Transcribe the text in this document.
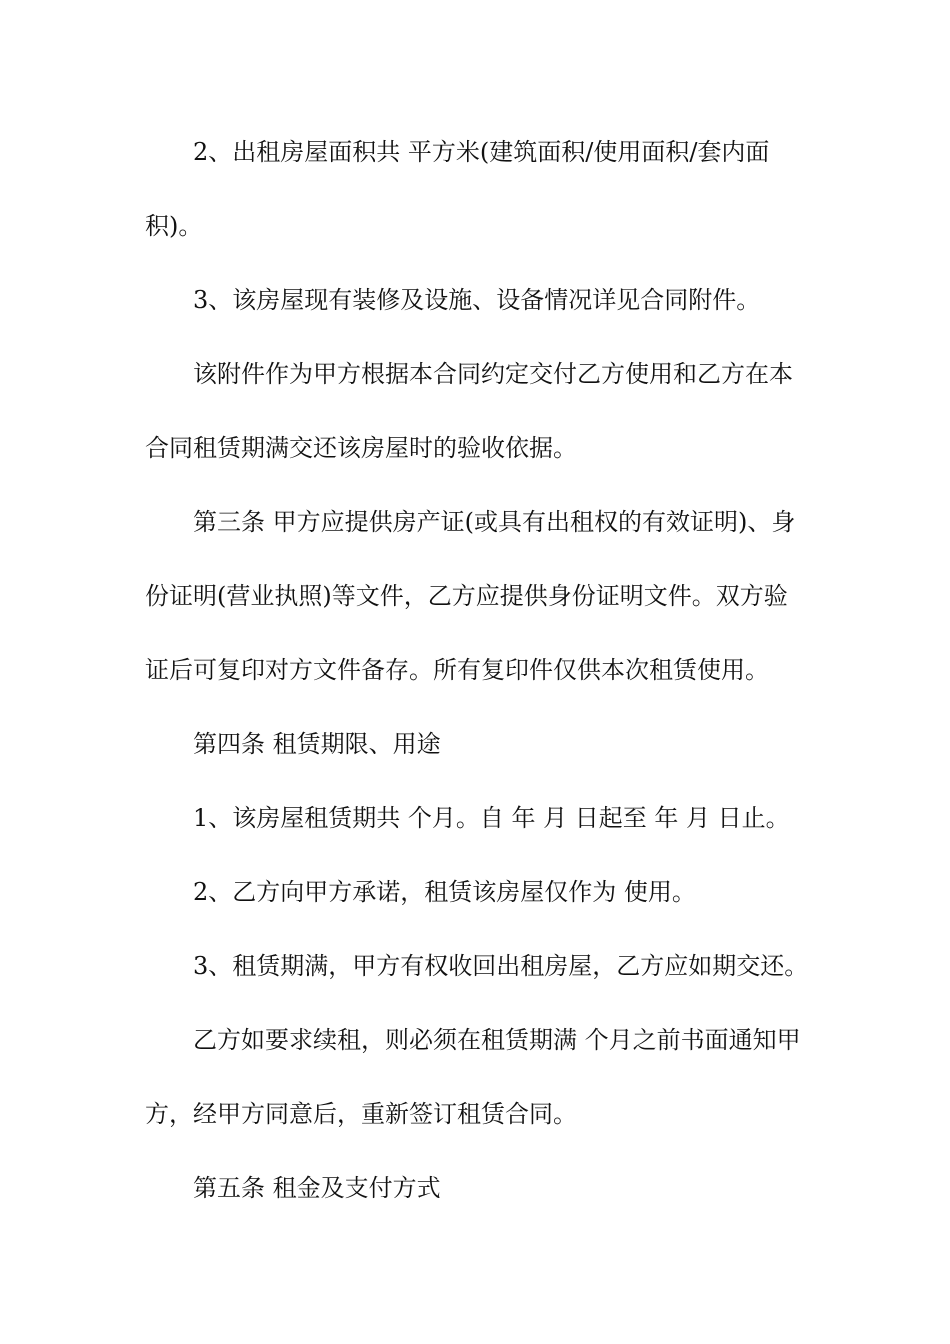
2、出租房屋面积共 平方米(建筑面积/使用面积/套内面
积)。
3、该房屋现有装修及设施、设备情况详见合同附件。
该附件作为甲方根据本合同约定交付乙方使用和乙方在本
合同租赁期满交还该房屋时的验收依据。
第三条 甲方应提供房产证(或具有出租权的有效证明)、身
份证明(营业执照)等文件，乙方应提供身份证明文件。双方验
证后可复印对方文件备存。所有复印件仅供本次租赁使用。
第四条 租赁期限、用途
1、该房屋租赁期共 个月。自 年 月 日起至 年 月 日止。
2、乙方向甲方承诺，租赁该房屋仅作为 使用。
3、租赁期满，甲方有权收回出租房屋，乙方应如期交还。
乙方如要求续租，则必须在租赁期满 个月之前书面通知甲
方，经甲方同意后，重新签订租赁合同。
第五条 租金及支付方式
